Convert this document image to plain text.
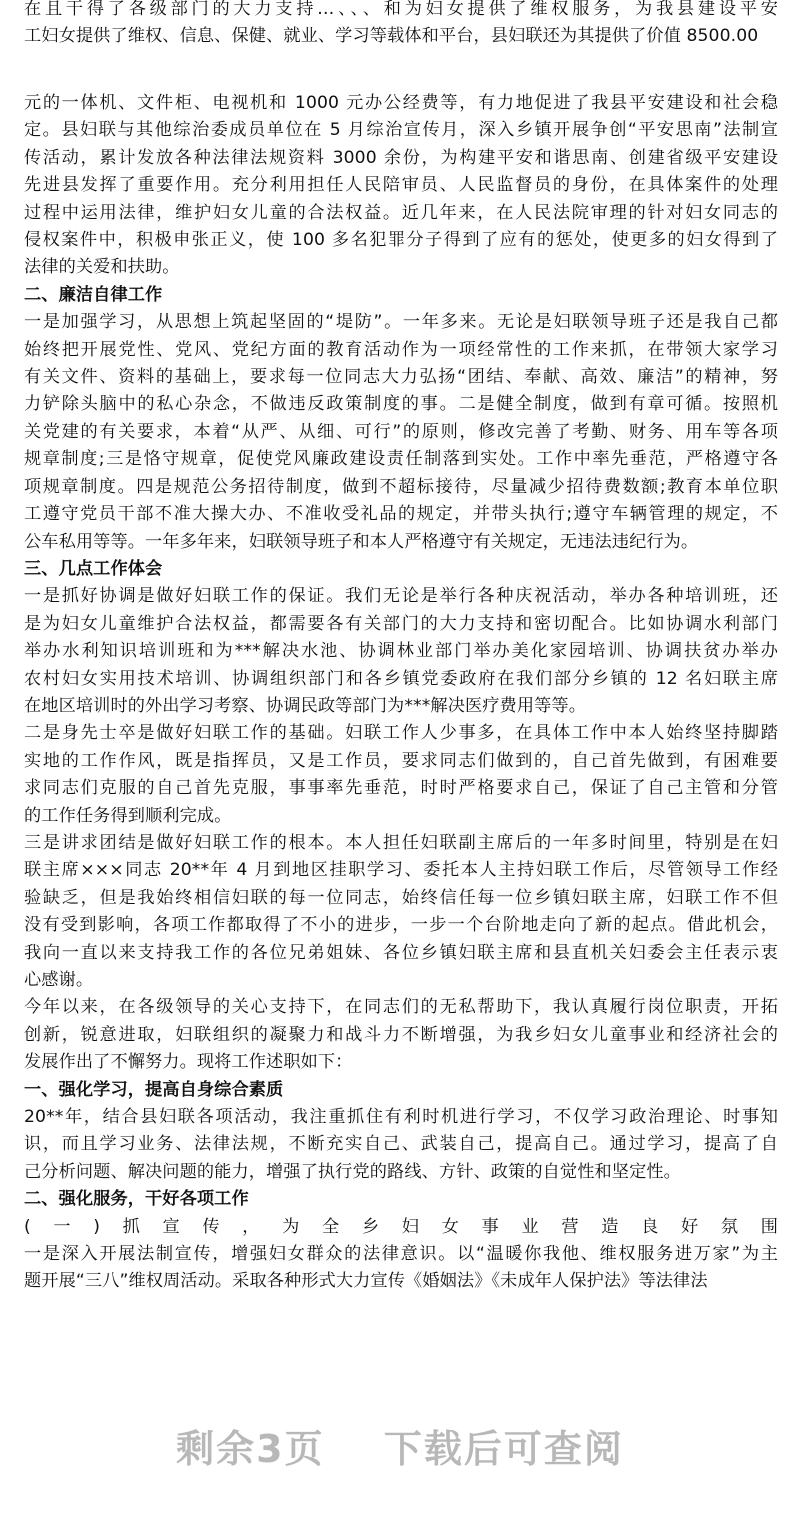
在且干得了各级部门的大力支持…、、、和为妇女提供了维权服务，为我县建设平安
工妇女提供了维权、信息、保健、就业、学习等载体和平台，县妇联还为其提供了价值 8500.00
元的一体机、文件柜、电视机和 1000 元办公经费等，有力地促进了我县平安建设和社会稳
定。县妇联与其他综治委成员单位在 5 月综治宣传月，深入乡镇开展争创“平安思南”法制宣
传活动，累计发放各种法律法规资料 3000 余份，为构建平安和谐思南、创建省级平安建设
先进县发挥了重要作用。充分利用担任人民陪审员、人民监督员的身份，在具体案件的处理
过程中运用法律，维护妇女儿童的合法权益。近几年来，在人民法院审理的针对妇女同志的
侵权案件中，积极申张正义，使 100 多名犯罪分子得到了应有的惩处，使更多的妇女得到了
法律的关爱和扶助。
二、廉洁自律工作
一是加强学习，从思想上筑起坚固的“堤防”。一年多来。无论是妇联领导班子还是我自己都
始终把开展党性、党风、党纪方面的教育活动作为一项经常性的工作来抓，在带领大家学习
有关文件、资料的基础上，要求每一位同志大力弘扬“团结、奉献、高效、廉洁”的精神，努
力铲除头脑中的私心杂念，不做违反政策制度的事。二是健全制度，做到有章可循。按照机
关党建的有关要求，本着“从严、从细、可行”的原则，修改完善了考勤、财务、用车等各项
规章制度;三是恪守规章，促使党风廉政建设责任制落到实处。工作中率先垂范，严格遵守各
项规章制度。四是规范公务招待制度，做到不超标接待，尽量减少招待费数额;教育本单位职
工遵守党员干部不准大操大办、不准收受礼品的规定，并带头执行;遵守车辆管理的规定，不
公车私用等等。一年多年来，妇联领导班子和本人严格遵守有关规定，无违法违纪行为。
三、几点工作体会
一是抓好协调是做好妇联工作的保证。我们无论是举行各种庆祝活动，举办各种培训班，还
是为妇女儿童维护合法权益，都需要各有关部门的大力支持和密切配合。比如协调水利部门
举办水利知识培训班和为***解决水池、协调林业部门举办美化家园培训、协调扶贫办举办
农村妇女实用技术培训、协调组织部门和各乡镇党委政府在我们部分乡镇的 12 名妇联主席
在地区培训时的外出学习考察、协调民政等部门为***解决医疗费用等等。
二是身先士卒是做好妇联工作的基础。妇联工作人少事多，在具体工作中本人始终坚持脚踏
实地的工作作风，既是指挥员，又是工作员，要求同志们做到的，自己首先做到，有困难要
求同志们克服的自己首先克服，事事率先垂范，时时严格要求自己，保证了自己主管和分管
的工作任务得到顺利完成。
三是讲求团结是做好妇联工作的根本。本人担任妇联副主席后的一年多时间里，特别是在妇
联主席×××同志 20**年 4 月到地区挂职学习、委托本人主持妇联工作后，尽管领导工作经
验缺乏，但是我始终相信妇联的每一位同志，始终信任每一位乡镇妇联主席，妇联工作不但
没有受到影响，各项工作都取得了不小的进步，一步一个台阶地走向了新的起点。借此机会，
我向一直以来支持我工作的各位兄弟姐妹、各位乡镇妇联主席和县直机关妇委会主任表示衷
心感谢。
今年以来，在各级领导的关心支持下，在同志们的无私帮助下，我认真履行岗位职责，开拓
创新，锐意进取，妇联组织的凝聚力和战斗力不断增强，为我乡妇女儿童事业和经济社会的
发展作出了不懈努力。现将工作述职如下：
一、强化学习，提高自身综合素质
20**年，结合县妇联各项活动，我注重抓住有利时机进行学习，不仅学习政治理论、时事知
识，而且学习业务、法律法规，不断充实自己、武装自己，提高自己。通过学习，提高了自
己分析问题、解决问题的能力，增强了执行党的路线、方针、政策的自觉性和坚定性。
二、强化服务，干好各项工作
(一)抓宣传，为全乡妇女事业营造良好氛围
一是深入开展法制宣传，增强妇女群众的法律意识。以“温暖你我他、维权服务进万家”为主
题开展“三八”维权周活动。采取各种形式大力宣传《婚姻法》《未成年人保护法》等法律法
剩余3页 下载后可查阅
